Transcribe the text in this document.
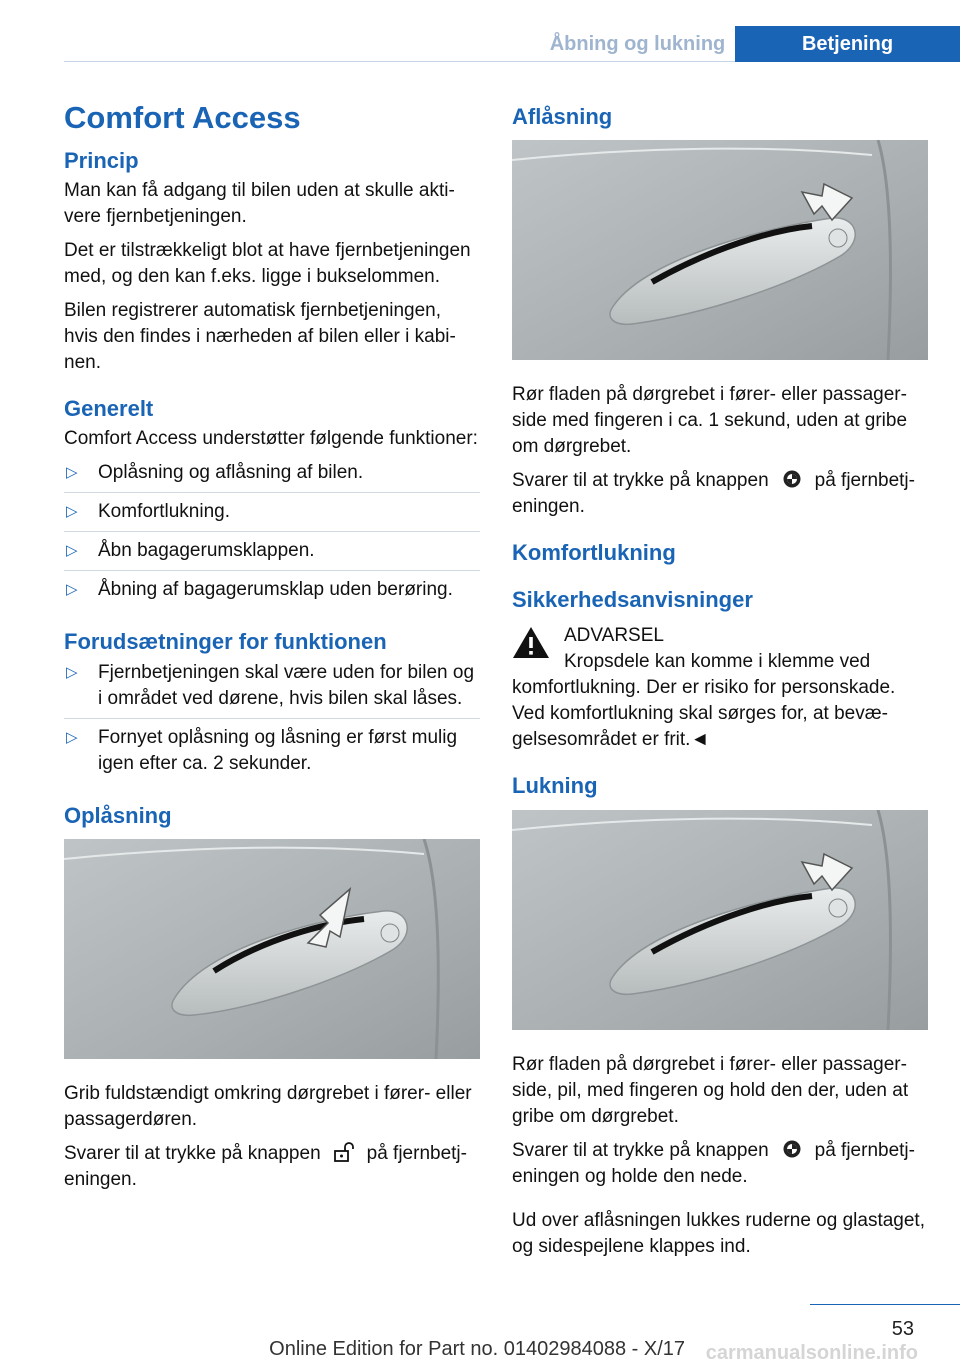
Åbning og lukning	Betjening
Comfort Access
Princip

Man kan få adgang til bilen uden at skulle aktivere fjernbetjeningen.

Det er tilstrækkeligt blot at have fjernbetjeningen med, og den kan f.eks. ligge i bukselommen.

Bilen registrerer automatisk fjernbetjeningen, hvis den findes i nærheden af bilen eller i kabinen.

Generelt

Comfort Access understøtter følgende funktioner:

▷ Oplåsning og aflåsning af bilen.
▷ Komfortlukning.
▷ Åbn bagagerumsklappen.
▷ Åbning af bagagerumsklap uden berøring.
Forudsætninger for funktionen
▷ Fjernbetjeningen skal være uden for bilen og i området ved dørene, hvis bilen skal låses.
▷ Fornyet oplåsning og låsning er først mulig igen efter ca. 2 sekunder.
Oplåsning

Grib fuldstændigt omkring dørgrebet i fører- eller passagerdøren.

Svarer til at trykke på knappen på fjernbetjeningen.

Aflåsning

Rør fladen på dørgrebet i fører- eller passagerside med fingeren i ca. 1 sekund, uden at gribe om dørgrebet.

Svarer til at trykke på knappen på fjernbetjeningen.

Komfortlukning
Sikkerhedsanvisninger

ADVARSEL

Kropsdele kan komme i klemme ved

komfortlukning. Der er risiko for personskade. Ved komfortlukning skal sørges for, at bevægelsesområdet er frit.◄

Lukning

Rør fladen på dørgrebet i fører- eller passagerside, pil, med fingeren og hold den der, uden at gribe om dørgrebet.

Svarer til at trykke på knappen på fjernbetjeningen og holde den nede.

Ud over aflåsningen lukkes ruderne og glastaget, og sidespejlene klappes ind.

53
carmanualsonline.info
Online Edition for Part no. 01402984088 - X/17
